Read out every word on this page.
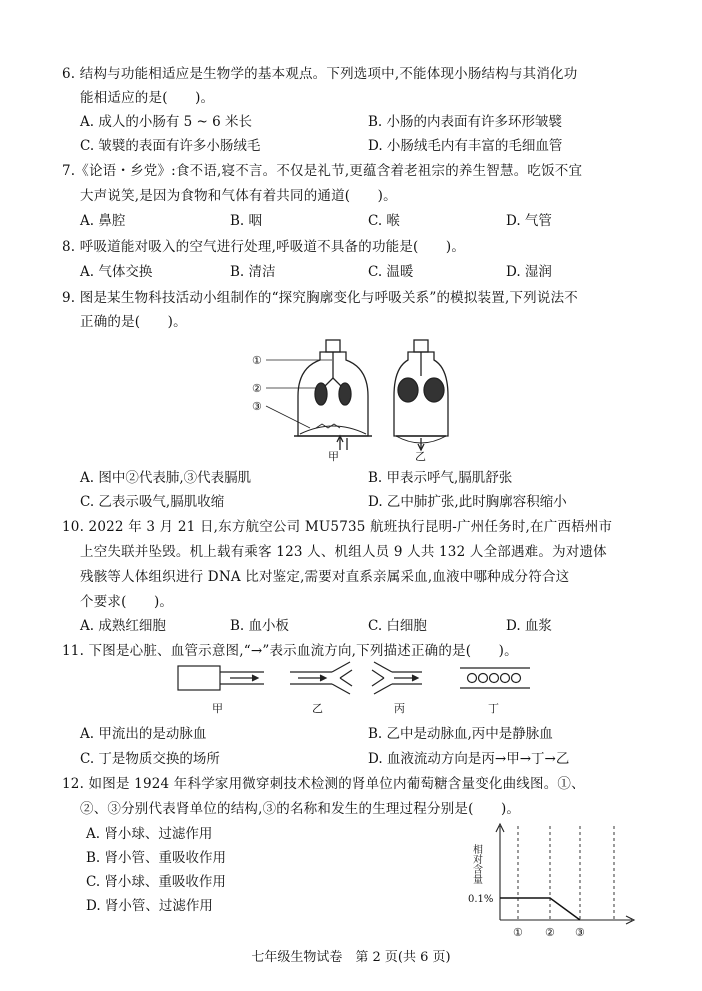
6. 结构与功能相适应是生物学的基本观点。下列选项中,不能体现小肠结构与其消化功
能相适应的是(　　)。
A. 成人的小肠有 5 ~ 6 米长	B. 小肠的内表面有许多环形皱襞
C. 皱襞的表面有许多小肠绒毛	D. 小肠绒毛内有丰富的毛细血管
7.《论语・乡党》:食不语,寝不言。不仅是礼节,更蕴含着老祖宗的养生智慧。吃饭不宜
大声说笑,是因为食物和气体有着共同的通道(　　)。
A. 鼻腔	B. 咽	C. 喉	D. 气管
8. 呼吸道能对吸入的空气进行处理,呼吸道不具备的功能是(　　)。
A. 气体交换	B. 清洁	C. 温暖	D. 湿润
9. 图是某生物科技活动小组制作的“探究胸廓变化与呼吸关系”的模拟装置,下列说法不
正确的是(　　)。
①
②
③
甲	乙
A. 图中②代表肺,③代表膈肌	B. 甲表示呼气,膈肌舒张
C. 乙表示吸气,膈肌收缩	D. 乙中肺扩张,此时胸廓容积缩小
10. 2022 年 3 月 21 日,东方航空公司 MU5735 航班执行昆明-广州任务时,在广西梧州市
上空失联并坠毁。机上载有乘客 123 人、机组人员 9 人共 132 人全部遇难。为对遗体
残骸等人体组织进行 DNA 比对鉴定,需要对直系亲属采血,血液中哪种成分符合这
个要求(　　)。
A. 成熟红细胞	B. 血小板	C. 白细胞	D. 血浆
11. 下图是心脏、血管示意图,“→”表示血流方向,下列描述正确的是(　　)。
甲	乙	丙	丁
A. 甲流出的是动脉血	B. 乙中是动脉血,丙中是静脉血
C. 丁是物质交换的场所	D. 血液流动方向是丙→甲→丁→乙
12. 如图是 1924 年科学家用微穿刺技术检测的肾单位内葡萄糖含量变化曲线图。①、
②、③分别代表肾单位的结构,③的名称和发生的生理过程分别是(　　)。
A. 肾小球、过滤作用
B. 肾小管、重吸收作用
C. 肾小球、重吸收作用
D. 肾小管、过滤作用
相对含量
0.1%
① ② ③
七年级生物试卷　第 2 页(共 6 页)
